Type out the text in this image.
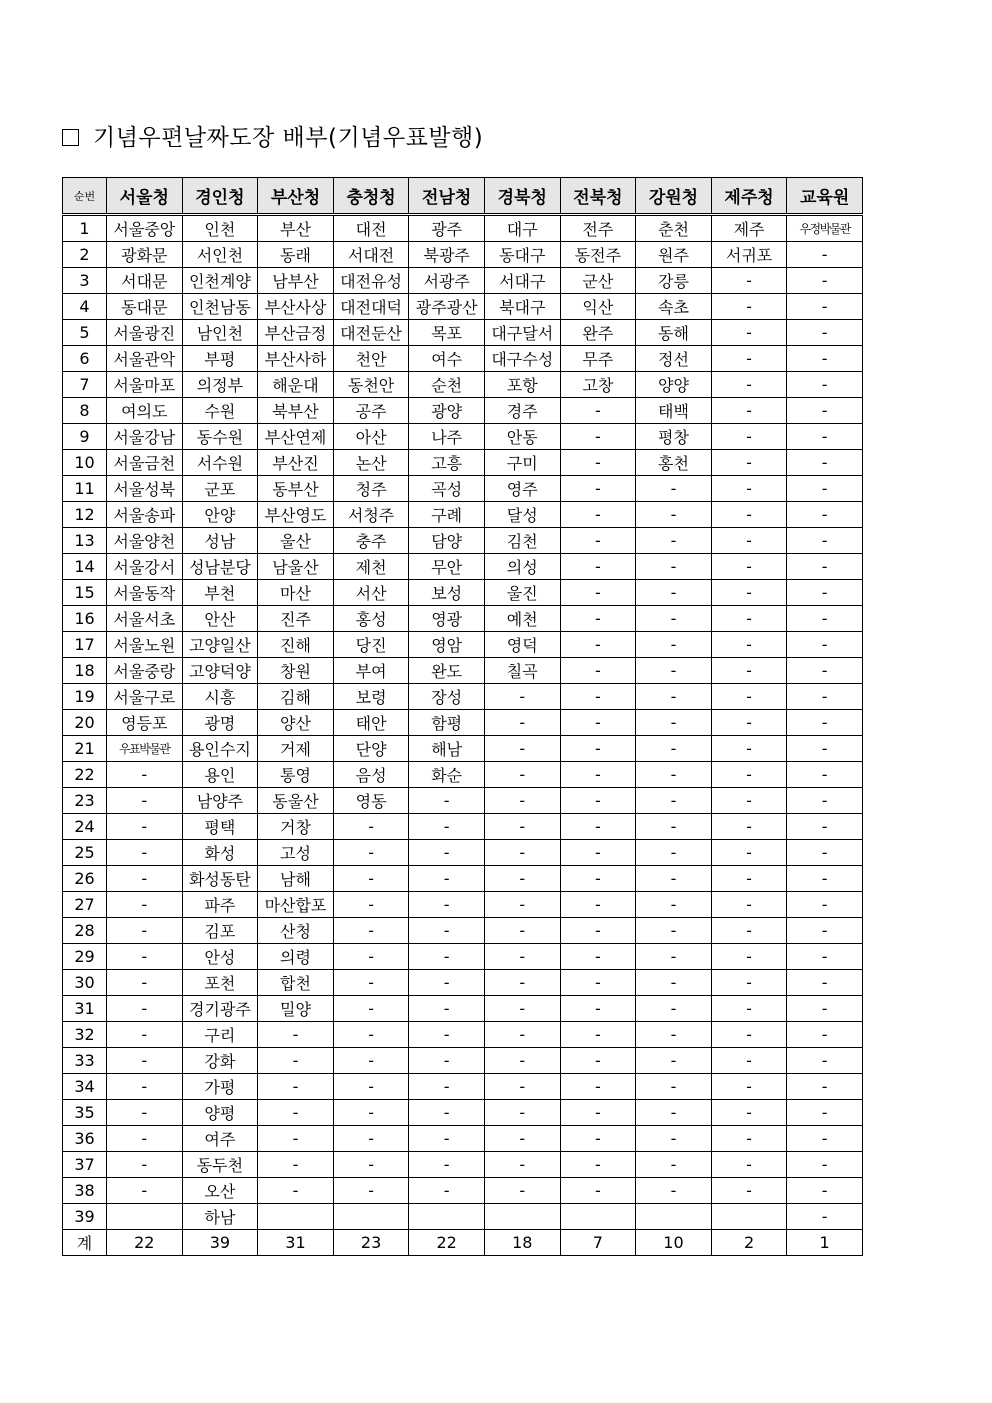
기념우편날짜도장 배부(기념우표발행)
순번	서울청	경인청	부산청	충청청	전남청	경북청	전북청	강원청	제주청	교육원
1	서울중앙	인천	부산	대전	광주	대구	전주	춘천	제주	우정박물관
2	광화문	서인천	동래	서대전	북광주	동대구	동전주	원주	서귀포	-
3	서대문	인천계양	남부산	대전유성	서광주	서대구	군산	강릉	-	-
4	동대문	인천남동	부산사상	대전대덕	광주광산	북대구	익산	속초	-	-
5	서울광진	남인천	부산금정	대전둔산	목포	대구달서	완주	동해	-	-
6	서울관악	부평	부산사하	천안	여수	대구수성	무주	정선	-	-
7	서울마포	의정부	해운대	동천안	순천	포항	고창	양양	-	-
8	여의도	수원	북부산	공주	광양	경주	-	태백	-	-
9	서울강남	동수원	부산연제	아산	나주	안동	-	평창	-	-
10	서울금천	서수원	부산진	논산	고흥	구미	-	홍천	-	-
11	서울성북	군포	동부산	청주	곡성	영주	-	-	-	-
12	서울송파	안양	부산영도	서청주	구례	달성	-	-	-	-
13	서울양천	성남	울산	충주	담양	김천	-	-	-	-
14	서울강서	성남분당	남울산	제천	무안	의성	-	-	-	-
15	서울동작	부천	마산	서산	보성	울진	-	-	-	-
16	서울서초	안산	진주	홍성	영광	예천	-	-	-	-
17	서울노원	고양일산	진해	당진	영암	영덕	-	-	-	-
18	서울중랑	고양덕양	창원	부여	완도	칠곡	-	-	-	-
19	서울구로	시흥	김해	보령	장성	-	-	-	-	-
20	영등포	광명	양산	태안	함평	-	-	-	-	-
21	우표박물관	용인수지	거제	단양	해남	-	-	-	-	-
22	-	용인	통영	음성	화순	-	-	-	-	-
23	-	남양주	동울산	영동	-	-	-	-	-	-
24	-	평택	거창	-	-	-	-	-	-	-
25	-	화성	고성	-	-	-	-	-	-	-
26	-	화성동탄	남해	-	-	-	-	-	-	-
27	-	파주	마산합포	-	-	-	-	-	-	-
28	-	김포	산청	-	-	-	-	-	-	-
29	-	안성	의령	-	-	-	-	-	-	-
30	-	포천	합천	-	-	-	-	-	-	-
31	-	경기광주	밀양	-	-	-	-	-	-	-
32	-	구리	-	-	-	-	-	-	-	-
33	-	강화	-	-	-	-	-	-	-	-
34	-	가평	-	-	-	-	-	-	-	-
35	-	양평	-	-	-	-	-	-	-	-
36	-	여주	-	-	-	-	-	-	-	-
37	-	동두천	-	-	-	-	-	-	-	-
38	-	오산	-	-	-	-	-	-	-	-
39		하남								-
계	22	39	31	23	22	18	7	10	2	1
